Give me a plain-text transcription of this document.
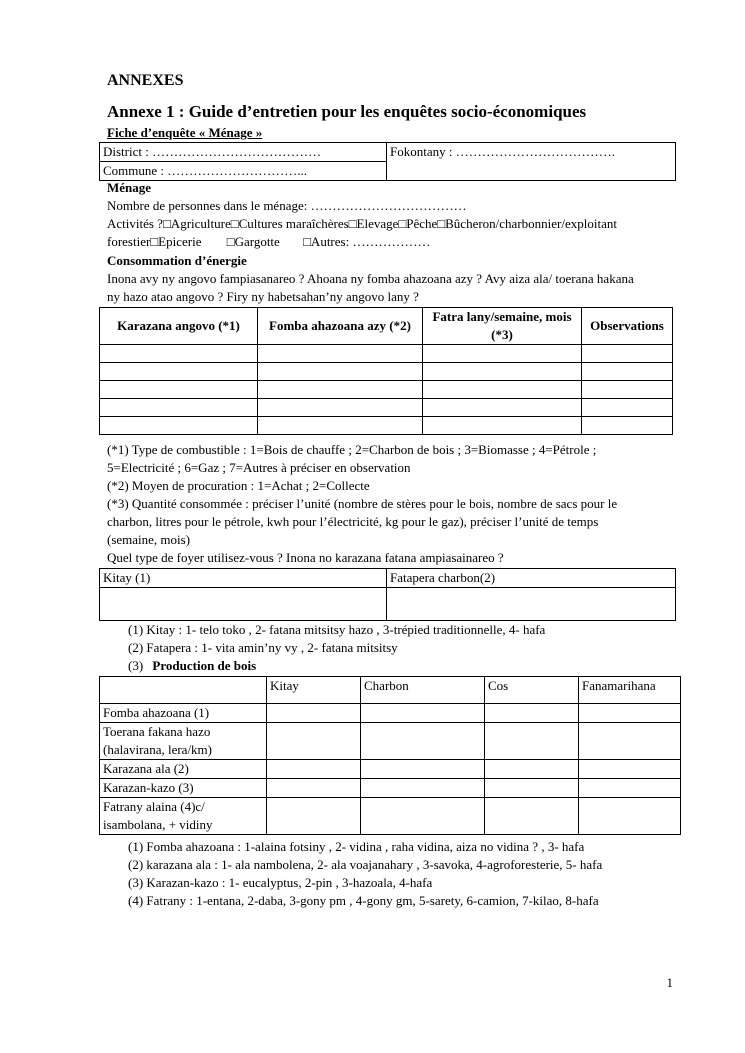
ANNEXES
Annexe 1 : Guide d’entretien pour les enquêtes socio-économiques
Fiche d’enquête « Ménage »
District : …………………………………	Fokontany : ……………………………….
Commune : …………………………...
Ménage
Nombre de personnes dans le ménage: ………………………………
Activités ?□Agriculture□Cultures maraîchères□Elevage□Pêche□Bûcheron/charbonnier/exploitant
forestier□Epicerie □Gargotte □Autres: ………………
Consommation d’énergie
Inona avy ny angovo fampiasanareo ? Ahoana ny fomba ahazoana azy ? Avy aiza ala/ toerana hakana
ny hazo atao angovo ? Firy ny habetsahan’ny angovo lany ?
Karazana angovo (*1)	Fomba ahazoana azy (*2)	Fatra lany/semaine, mois (*3)	Observations

(*1) Type de combustible : 1=Bois de chauffe ; 2=Charbon de bois ; 3=Biomasse ; 4=Pétrole ;
5=Electricité ; 6=Gaz ; 7=Autres à préciser en observation
(*2) Moyen de procuration : 1=Achat ; 2=Collecte
(*3) Quantité consommée : préciser l’unité (nombre de stères pour le bois, nombre de sacs pour le
charbon, litres pour le pétrole, kwh pour l’électricité, kg pour le gaz), préciser l’unité de temps
(semaine, mois)
Quel type de foyer utilisez-vous ? Inona no karazana fatana ampiasainareo ?
Kitay (1)	Fatapera charbon(2)

(1) Kitay : 1- telo toko , 2- fatana mitsitsy hazo , 3-trépied traditionnelle, 4- hafa
(2) Fatapera : 1- vita amin’ny vy , 2- fatana mitsitsy
(3) Production de bois
	Kitay	Charbon	Cos	Fanamarihana
Fomba ahazoana (1)				

Toerana fakana hazo
(halavirana, lera/km)				

Karazana ala (2)				
Karazan-kazo (3)				

Fatrany alaina (4)c/
isambolana, + vidiny				

(1) Fomba ahazoana : 1-alaina fotsiny , 2- vidina , raha vidina, aiza no vidina ? , 3- hafa
(2) karazana ala : 1- ala nambolena, 2- ala voajanahary , 3-savoka, 4-agroforesterie, 5- hafa
(3) Karazan-kazo : 1- eucalyptus, 2-pin , 3-hazoala, 4-hafa
(4) Fatrany : 1-entana, 2-daba, 3-gony pm , 4-gony gm, 5-sarety, 6-camion, 7-kilao, 8-hafa
1
